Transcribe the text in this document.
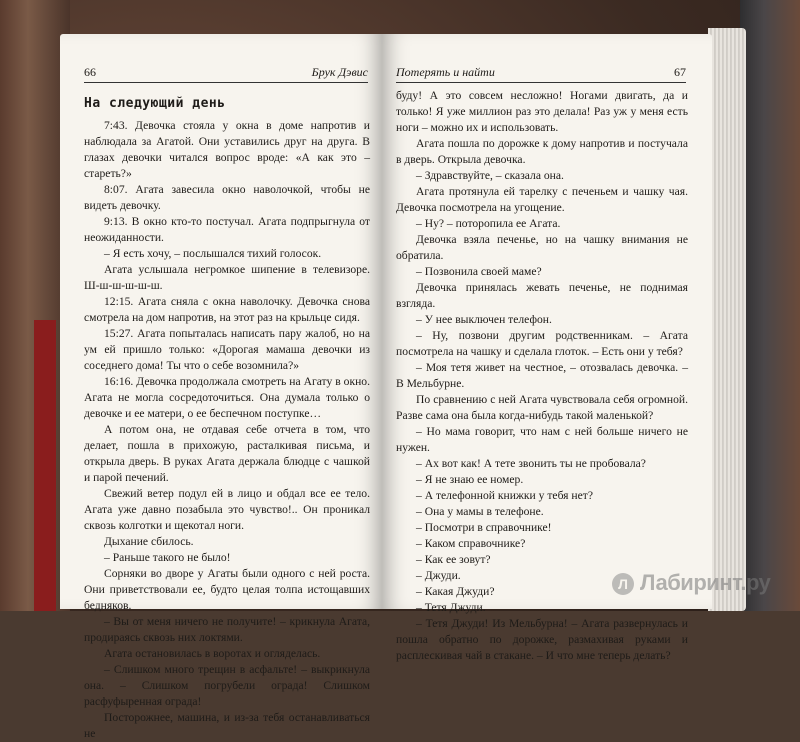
66	Брук Дэвис
На следующий день

7:43. Девочка стояла у окна в доме напротив и наблюдала за Агатой. Они уставились друг на друга. В глазах девочки читался вопрос вроде: «А как это – стареть?»

8:07. Агата завесила окно наволочкой, чтобы не видеть девочку.

9:13. В окно кто-то постучал. Агата подпрыгнула от неожиданности.

– Я есть хочу, – послышался тихий голосок.

Агата услышала негромкое шипение в телевизоре. Ш-ш-ш-ш-ш-ш.

12:15. Агата сняла с окна наволочку. Девочка снова смотрела на дом напротив, на этот раз на крыльце сидя.

15:27. Агата попыталась написать пару жалоб, но на ум ей пришло только: «Дорогая мамаша девочки из соседнего дома! Ты что о себе возомнила?»

16:16. Девочка продолжала смотреть на Агату в окно. Агата не могла сосредоточиться. Она думала только о девочке и ее матери, о ее беспечном поступке…

А потом она, не отдавая себе отчета в том, что делает, пошла в прихожую, расталкивая письма, и открыла дверь. В руках Агата держала блюдце с чашкой и парой печений.

Свежий ветер подул ей в лицо и обдал все ее тело. Агата уже давно позабыла это чувство!.. Он проникал сквозь колготки и щекотал ноги.

Дыхание сбилось.

– Раньше такого не было!

Сорняки во дворе у Агаты были одного с ней роста. Они приветствовали ее, будто целая толпа истощавших бедняков.

– Вы от меня ничего не получите! – крикнула Агата, продираясь сквозь них локтями.

Агата остановилась в воротах и огляделась.

– Слишком много трещин в асфальте! – выкрикнула она. – Слишком погрубели ограда! Слишком расфуфыренная ограда!

Посторожнее, машина, и из-за тебя останавливаться не

Потерять и найти	67

буду! А это совсем несложно! Ногами двигать, да и только! Я уже миллион раз это делала! Раз уж у меня есть ноги – можно их и использовать.

Агата пошла по дорожке к дому напротив и постучала в дверь. Открыла девочка.

– Здравствуйте, – сказала она.

Агата протянула ей тарелку с печеньем и чашку чая. Девочка посмотрела на угощение.

– Ну? – поторопила ее Агата.

Девочка взяла печенье, но на чашку внимания не обратила.

– Позвонила своей маме?

Девочка принялась жевать печенье, не поднимая взгляда.

– У нее выключен телефон.

– Ну, позвони другим родственникам. – Агата посмотрела на чашку и сделала глоток. – Есть они у тебя?

– Моя тетя живет на честное, – отозвалась девочка. – В Мельбурне.

По сравнению с ней Агата чувствовала себя огромной. Разве сама она была когда-нибудь такой маленькой?

– Но мама говорит, что нам с ней больше ничего не нужен.

– Ах вот как! А тете звонить ты не пробовала?

– Я не знаю ее номер.

– А телефонной книжки у тебя нет?

– Она у мамы в телефоне.

– Посмотри в справочнике!

– Каком справочнике?

– Как ее зовут?

– Джуди.

– Какая Джуди?

– Тетя Джуди.

– Тетя Джуди! Из Мельбурна! – Агата развернулась и пошла обратно по дорожке, размахивая руками и расплескивая чай в стакане. – И что мне теперь делать?

Л Лабиринт.ру
